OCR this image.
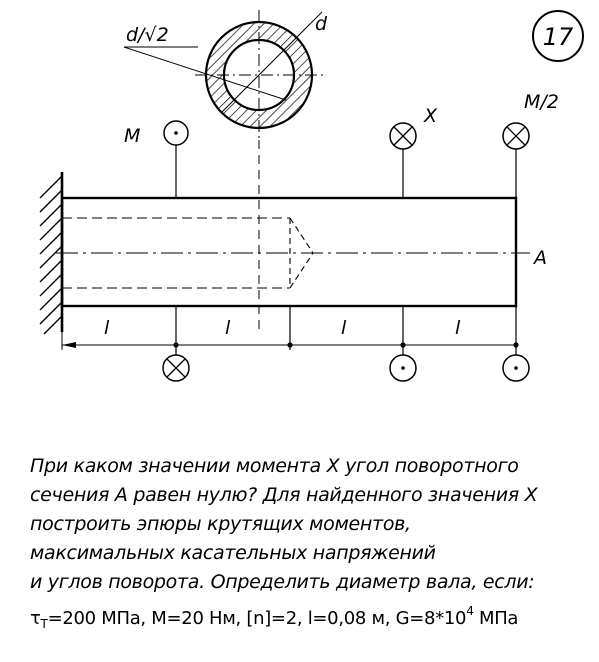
17
d
d/√2
A
M
X
M/2
l	l	l	l
При каком значении момента Х угол поворотного
сечения А равен нулю? Для найденного значения Х
построить эпюры крутящих моментов,
максимальных касательных напряжений
и углов поворота. Определить диаметр вала, если:
$\tau_T=200$ МПа, М=20 Нм, [n]=2, l=0,08 м, $G=8*10^4$ МПа
